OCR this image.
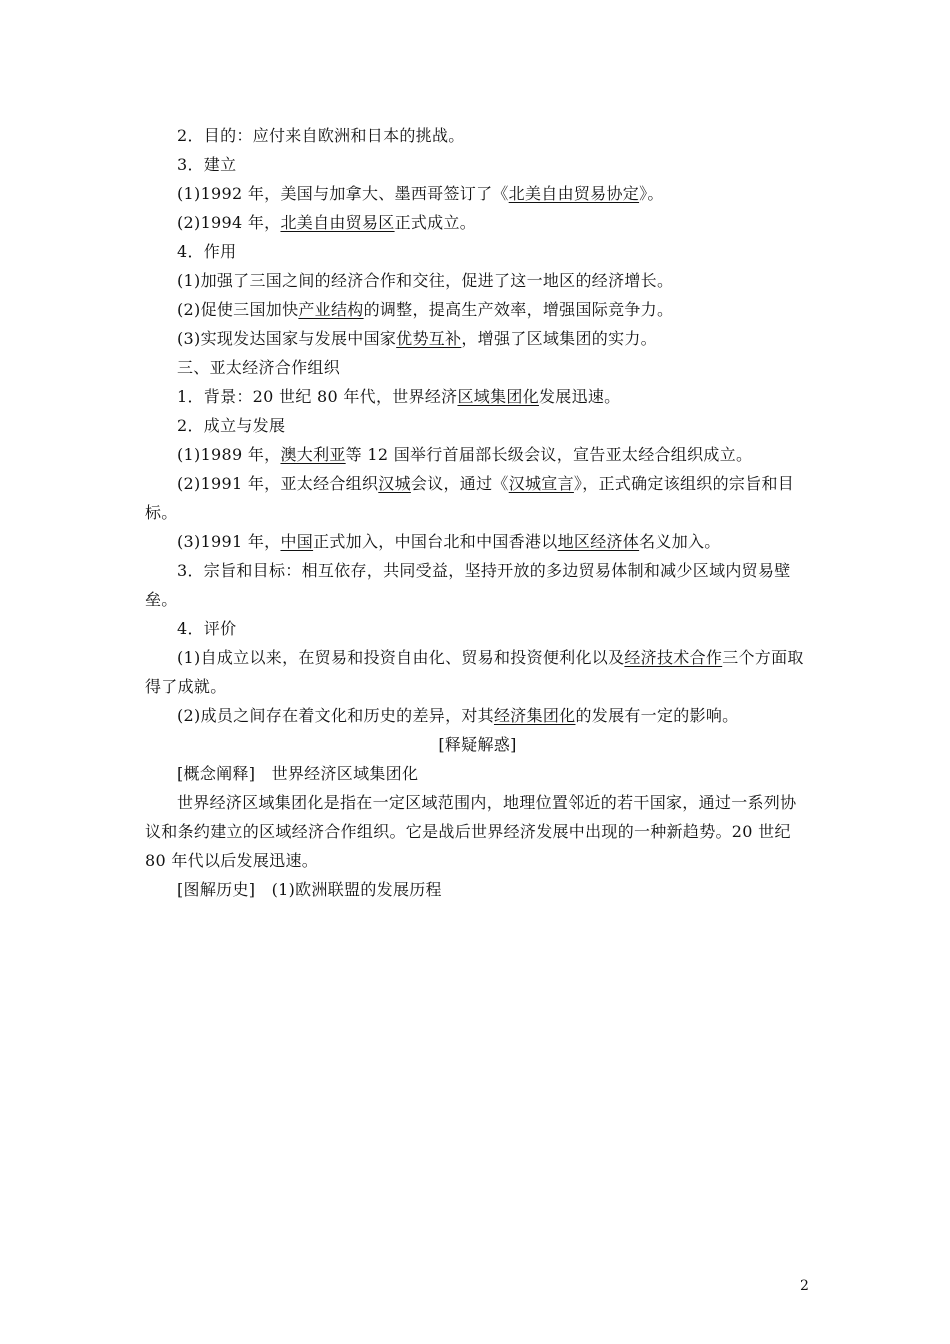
2．目的：应付来自欧洲和日本的挑战。

3．建立

(1)1992 年，美国与加拿大、墨西哥签订了《北美自由贸易协定》。

(2)1994 年，北美自由贸易区正式成立。

4．作用

(1)加强了三国之间的经济合作和交往，促进了这一地区的经济增长。

(2)促使三国加快产业结构的调整，提高生产效率，增强国际竞争力。

(3)实现发达国家与发展中国家优势互补，增强了区域集团的实力。

三、亚太经济合作组织

1．背景：20 世纪 80 年代，世界经济区域集团化发展迅速。

2．成立与发展

(1)1989 年，澳大利亚等 12 国举行首届部长级会议，宣告亚太经合组织成立。

(2)1991 年，亚太经合组织汉城会议，通过《汉城宣言》，正式确定该组织的宗旨和目标。

(3)1991 年，中国正式加入，中国台北和中国香港以地区经济体名义加入。

3．宗旨和目标：相互依存，共同受益，坚持开放的多边贸易体制和减少区域内贸易壁垒。

4．评价

(1)自成立以来，在贸易和投资自由化、贸易和投资便利化以及经济技术合作三个方面取得了成就。

(2)成员之间存在着文化和历史的差异，对其经济集团化的发展有一定的影响。

[释疑解惑]

[概念阐释]　世界经济区域集团化

世界经济区域集团化是指在一定区域范围内，地理位置邻近的若干国家，通过一系列协议和条约建立的区域经济合作组织。它是战后世界经济发展中出现的一种新趋势。20 世纪 80 年代以后发展迅速。

[图解历史]　(1)欧洲联盟的发展历程

2
